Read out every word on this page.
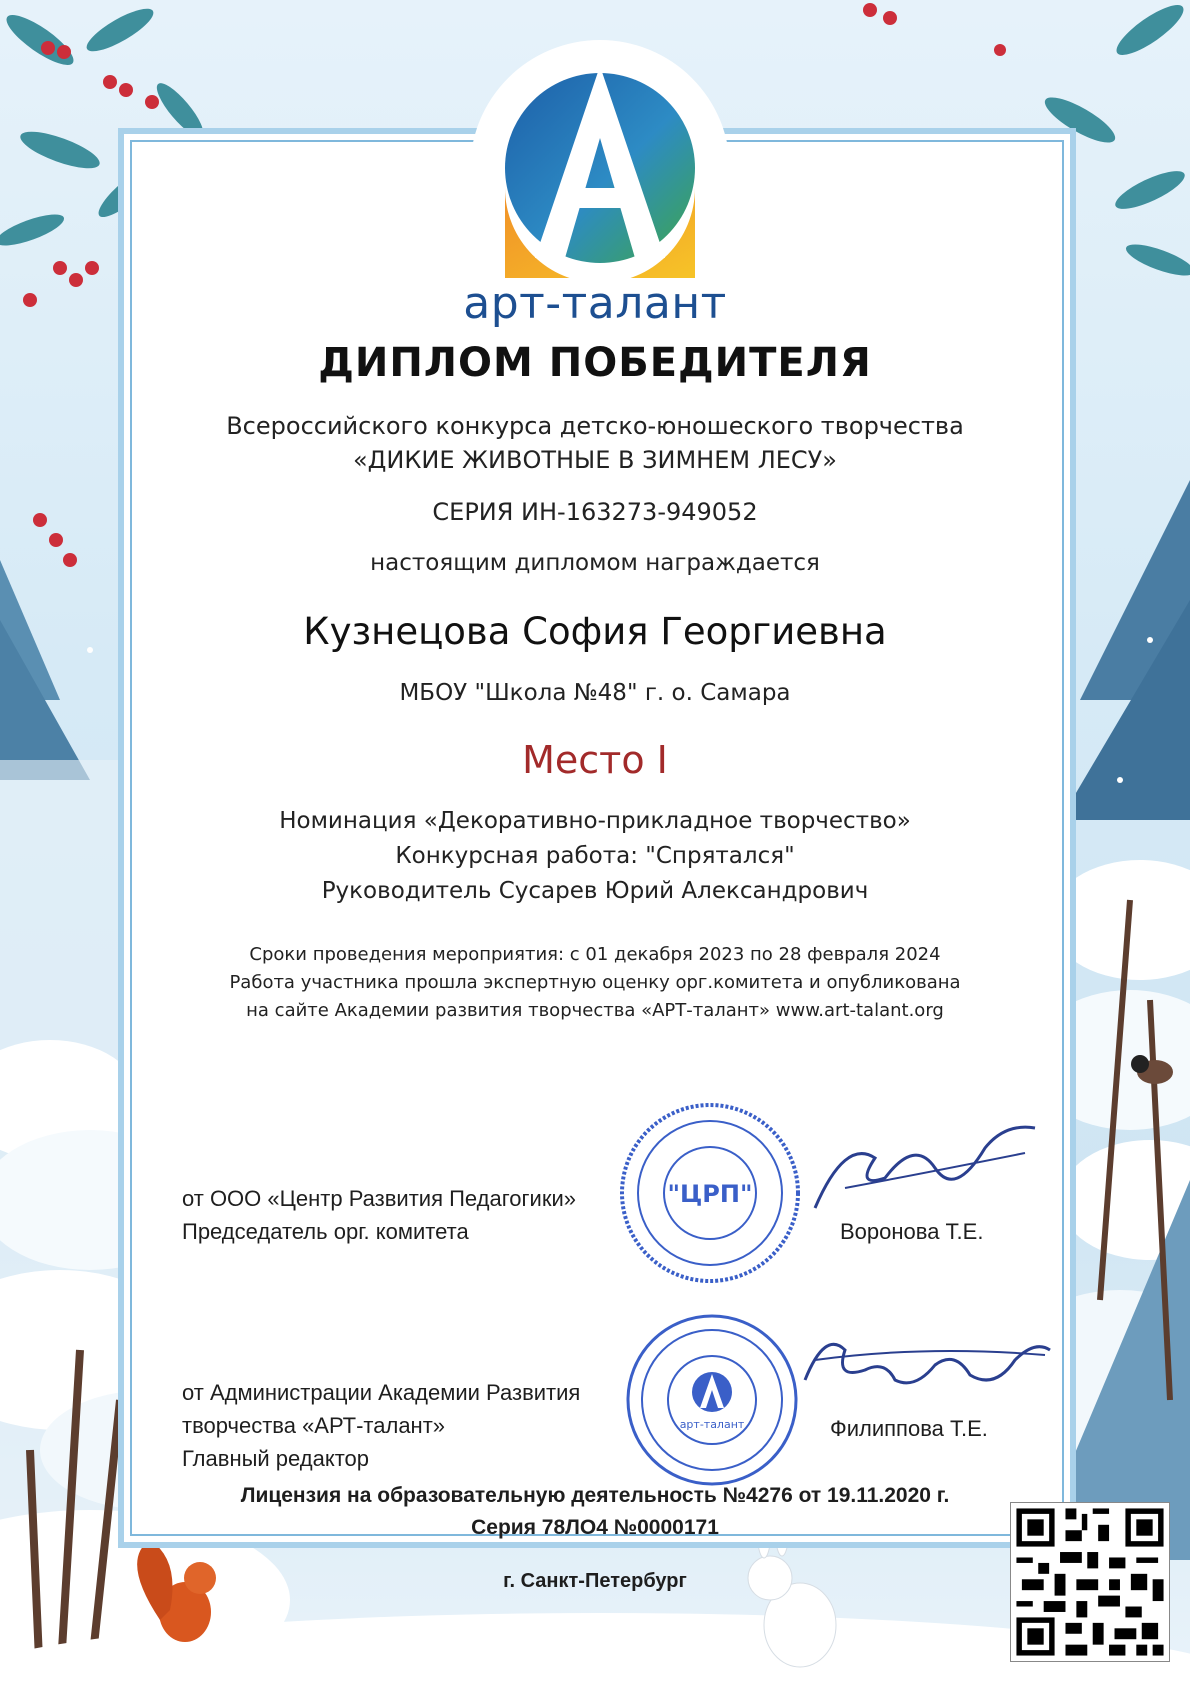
арт-талант
ДИПЛОМ ПОБЕДИТЕЛЯ
Всероссийского конкурса детско-юношеского творчества
«ДИКИЕ ЖИВОТНЫЕ В ЗИМНЕМ ЛЕСУ»
СЕРИЯ ИН-163273-949052
настоящим дипломом награждается
Кузнецова София Георгиевна
МБОУ "Школа №48" г. о. Самара
Место I
Номинация «Декоративно-прикладное творчество»
Конкурсная работа: "Спрятался"
Руководитель Сусарев Юрий Александрович
Сроки проведения мероприятия: с 01 декабря 2023 по 28 февраля 2024
Работа участника прошла экспертную оценку орг.комитета и опубликована
на сайте Академии развития творчества «АРТ-талант» www.art-talant.org
от ООО «Центр Развития Педагогики»
Председатель орг. комитета	Воронова Т.Е.
"ЦРП"
от Администрации Академии Развития
творчества «АРТ-талант»
Главный редактор
Филиппова Т.Е.
арт-талант
Лицензия на образовательную деятельность №4276 от 19.11.2020 г.
Серия 78ЛО4 №0000171
г. Санкт-Петербург
